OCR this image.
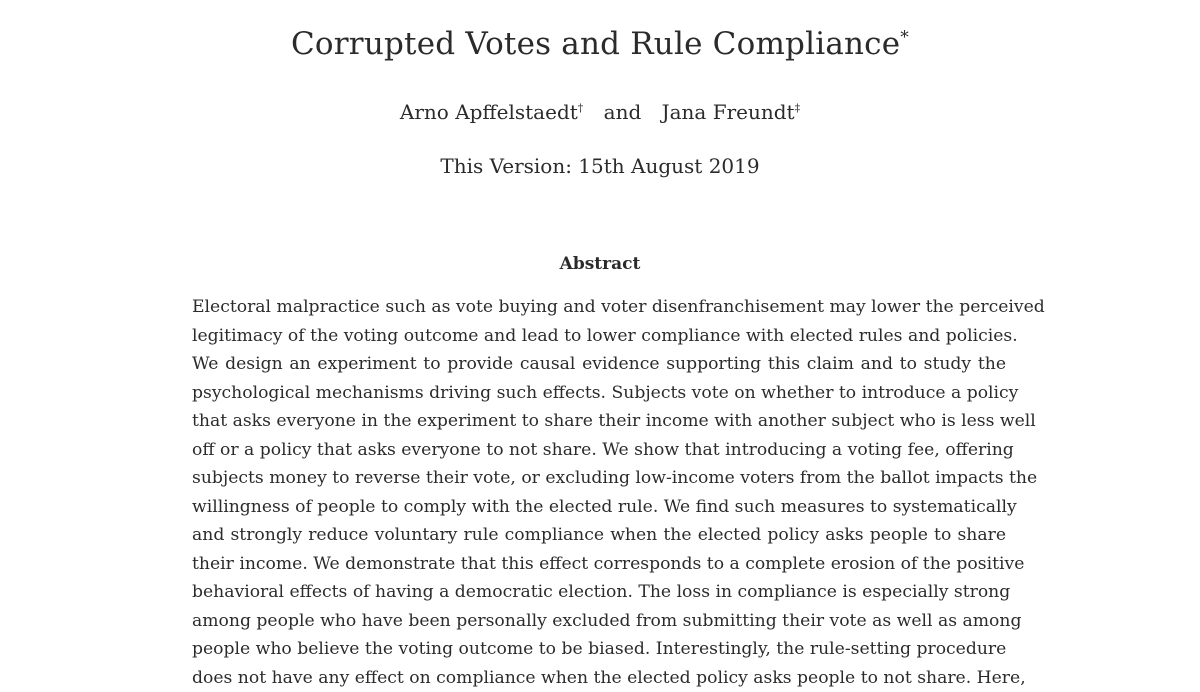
Corrupted Votes and Rule Compliance*
Arno Apffelstaedt† and Jana Freundt‡
This Version: 15th August 2019
Abstract
Electoral malpractice such as vote buying and voter disenfranchisement may lower the perceived
legitimacy of the voting outcome and lead to lower compliance with elected rules and policies.
We design an experiment to provide causal evidence supporting this claim and to study the
psychological mechanisms driving such effects. Subjects vote on whether to introduce a policy
that asks everyone in the experiment to share their income with another subject who is less well
off or a policy that asks everyone to not share. We show that introducing a voting fee, offering
subjects money to reverse their vote, or excluding low-income voters from the ballot impacts the
willingness of people to comply with the elected rule. We find such measures to systematically
and strongly reduce voluntary rule compliance when the elected policy asks people to share
their income. We demonstrate that this effect corresponds to a complete erosion of the positive
behavioral effects of having a democratic election. The loss in compliance is especially strong
among people who have been personally excluded from submitting their vote as well as among
people who believe the voting outcome to be biased. Interestingly, the rule-setting procedure
does not have any effect on compliance when the elected policy asks people to not share. Here,
